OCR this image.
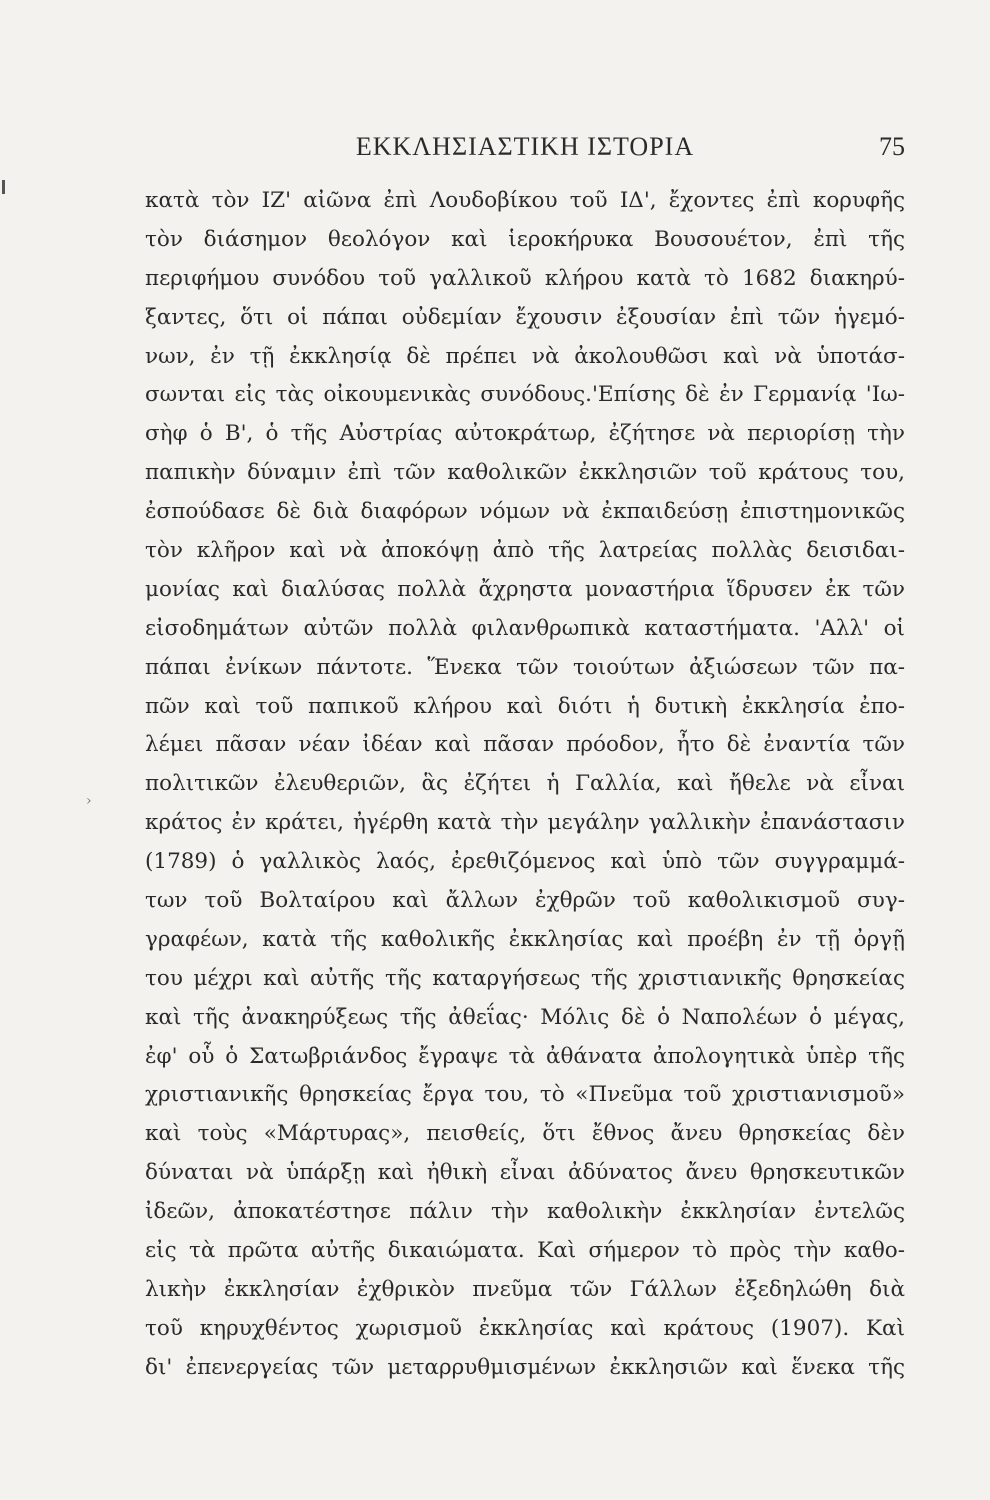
ΕΚΚΛΗΣΙΑΣΤΙΚΗ ΙΣΤΟΡΙΑ	75
›
κατὰ τὸν ΙΖ' αἰῶνα ἐπὶ Λουδοβίκου τοῦ ΙΔ', ἔχοντες ἐπὶ κορυφῆς
τὸν διάσημον θεολόγον καὶ ἱεροκήρυκα Βουσουέτον, ἐπὶ τῆς
περιφήμου συνόδου τοῦ γαλλικοῦ κλήρου κατὰ τὸ 1682 διακηρύ-
ξαντες, ὅτι οἱ πάπαι οὐδεμίαν ἔχουσιν ἐξουσίαν ἐπὶ τῶν ἡγεμό-
νων, ἐν τῇ ἐκκλησίᾳ δὲ πρέπει νὰ ἀκολουθῶσι καὶ νὰ ὑποτάσ-
σωνται εἰς τὰς οἰκουμενικὰς συνόδους.'Επίσης δὲ ἐν Γερμανίᾳ 'Ιω-
σὴφ ὁ Β', ὁ τῆς Αὐστρίας αὐτοκράτωρ, ἐζήτησε νὰ περιορίσῃ τὴν
παπικὴν δύναμιν ἐπὶ τῶν καθολικῶν ἐκκλησιῶν τοῦ κράτους του,
ἐσπούδασε δὲ διὰ διαφόρων νόμων νὰ ἐκπαιδεύσῃ ἐπιστημονικῶς
τὸν κλῆρον καὶ νὰ ἀποκόψῃ ἀπὸ τῆς λατρείας πολλὰς δεισιδαι-
μονίας καὶ διαλύσας πολλὰ ἄχρηστα μοναστήρια ἵδρυσεν ἐκ τῶν
εἰσοδημάτων αὐτῶν πολλὰ φιλανθρωπικὰ καταστήματα. 'Αλλ' οἱ
πάπαι ἐνίκων πάντοτε. Ἕνεκα τῶν τοιούτων ἀξιώσεων τῶν πα-
πῶν καὶ τοῦ παπικοῦ κλήρου καὶ διότι ἡ δυτικὴ ἐκκλησία ἐπο-
λέμει πᾶσαν νέαν ἰδέαν καὶ πᾶσαν πρόοδον, ἦτο δὲ ἐναντία τῶν
πολιτικῶν ἐλευθεριῶν, ἃς ἐζήτει ἡ Γαλλία, καὶ ἤθελε νὰ εἶναι
κράτος ἐν κράτει, ἠγέρθη κατὰ τὴν μεγάλην γαλλικὴν ἐπανάστασιν
(1789) ὁ γαλλικὸς λαός, ἐρεθιζόμενος καὶ ὑπὸ τῶν συγγραμμά-
των τοῦ Βολταίρου καὶ ἄλλων ἐχθρῶν τοῦ καθολικισμοῦ συγ-
γραφέων, κατὰ τῆς καθολικῆς ἐκκλησίας καὶ προέβη ἐν τῇ ὀργῇ
του μέχρι καὶ αὐτῆς τῆς καταργήσεως τῆς χριστιανικῆς θρησκείας
καὶ τῆς ἀνακηρύξεως τῆς ἀθεΐας· Μόλις δὲ ὁ Ναπολέων ὁ μέγας,
ἐφ' οὗ ὁ Σατωβριάνδος ἔγραψε τὰ ἀθάνατα ἀπολογητικὰ ὑπὲρ τῆς
χριστιανικῆς θρησκείας ἔργα του, τὸ «Πνεῦμα τοῦ χριστιανισμοῦ»
καὶ τοὺς «Μάρτυρας», πεισθείς, ὅτι ἔθνος ἄνευ θρησκείας δὲν
δύναται νὰ ὑπάρξῃ καὶ ἠθικὴ εἶναι ἀδύνατος ἄνευ θρησκευτικῶν
ἰδεῶν, ἀποκατέστησε πάλιν τὴν καθολικὴν ἐκκλησίαν ἐντελῶς
εἰς τὰ πρῶτα αὐτῆς δικαιώματα. Καὶ σήμερον τὸ πρὸς τὴν καθο-
λικὴν ἐκκλησίαν ἐχθρικὸν πνεῦμα τῶν Γάλλων ἐξεδηλώθη διὰ
τοῦ κηρυχθέντος χωρισμοῦ ἐκκλησίας καὶ κράτους (1907). Καὶ
δι' ἐπενεργείας τῶν μεταρρυθμισμένων ἐκκλησιῶν καὶ ἕνεκα τῆς
